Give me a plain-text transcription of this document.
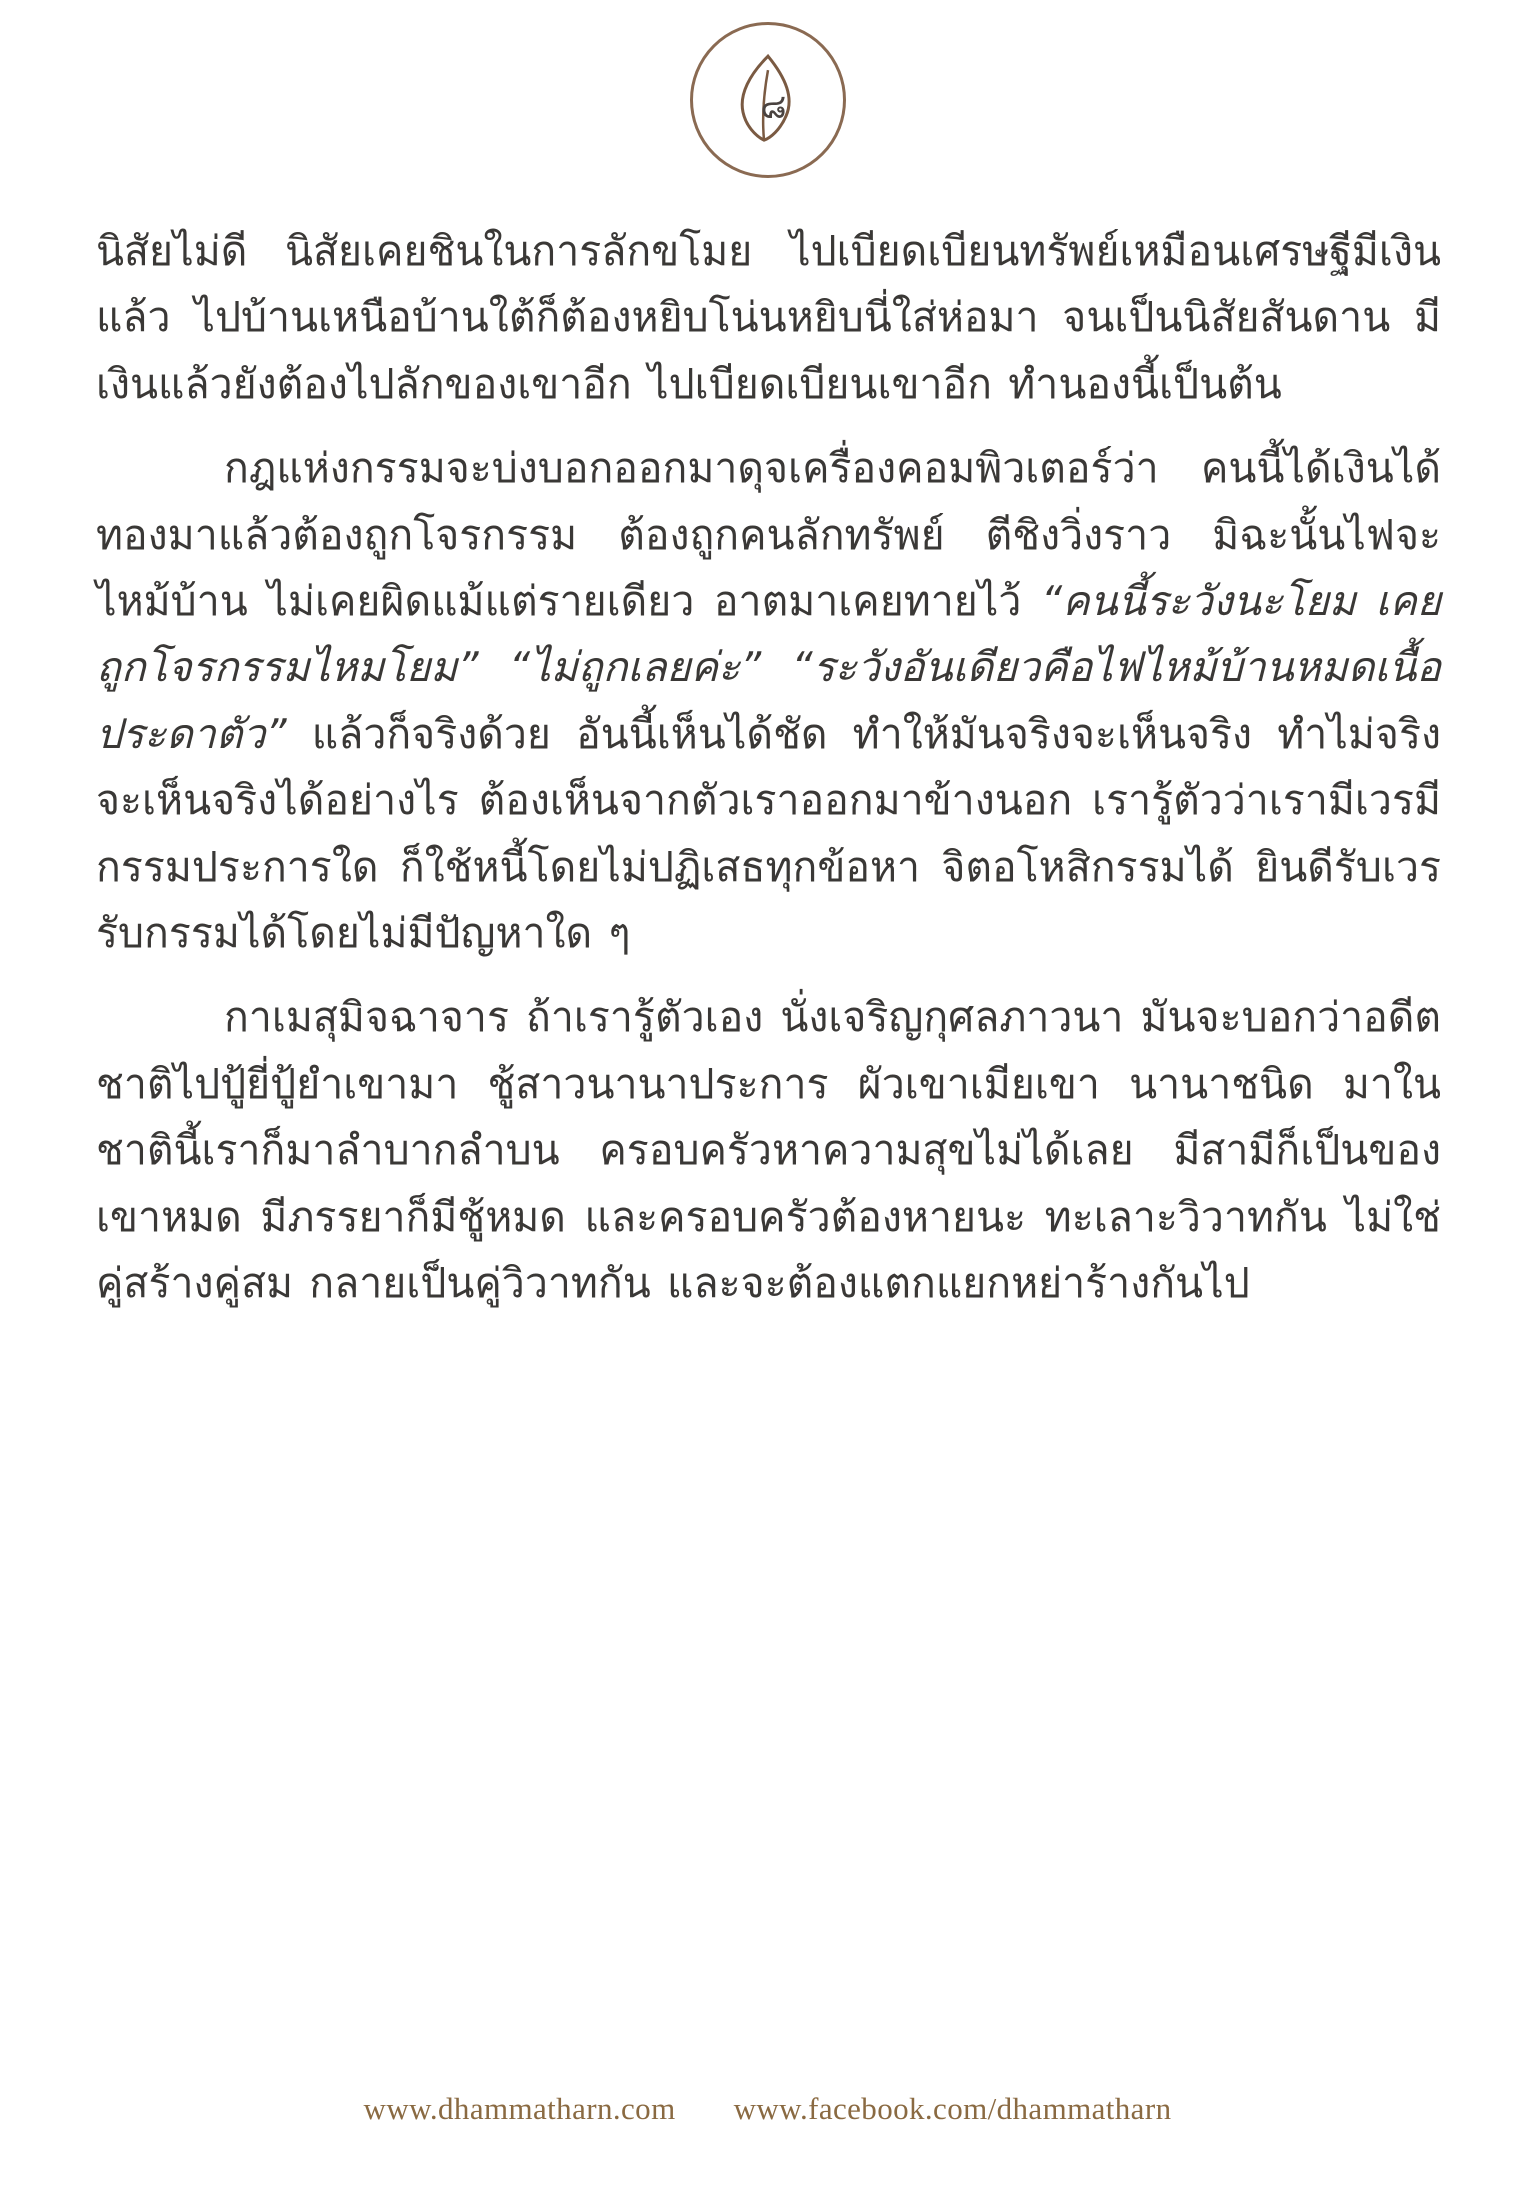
๘

นิสัยไม่ดี นิสัยเคยชินในการลักขโมย ไปเบียดเบียนทรัพย์เหมือนเศรษฐีมีเงินแล้ว ไปบ้านเหนือบ้านใต้ก็ต้องหยิบโน่นหยิบนี่ใส่ห่อมา จนเป็นนิสัยสันดาน มีเงินแล้วยังต้องไปลักของเขาอีก ไปเบียดเบียนเขาอีก ทำนองนี้เป็นต้น

กฎแห่งกรรมจะบ่งบอกออกมาดุจเครื่องคอมพิวเตอร์ว่า คนนี้ได้เงินได้ทองมาแล้วต้องถูกโจรกรรม ต้องถูกคนลักทรัพย์ ตีชิงวิ่งราว มิฉะนั้นไฟจะไหม้บ้าน ไม่เคยผิดแม้แต่รายเดียว อาตมาเคยทายไว้ “คนนี้ระวังนะโยม เคยถูกโจรกรรมไหมโยม” “ไม่ถูกเลยค่ะ” “ระวังอันเดียวคือไฟไหม้บ้านหมดเนื้อประดาตัว” แล้วก็จริงด้วย อันนี้เห็นได้ชัด ทำให้มันจริงจะเห็นจริง ทำไม่จริงจะเห็นจริงได้อย่างไร ต้องเห็นจากตัวเราออกมาข้างนอก เรารู้ตัวว่าเรามีเวรมีกรรมประการใด ก็ใช้หนี้โดยไม่ปฏิเสธทุกข้อหา จิตอโหสิกรรมได้ ยินดีรับเวรรับกรรมได้โดยไม่มีปัญหาใด ๆ

กาเมสุมิจฉาจาร ถ้าเรารู้ตัวเอง นั่งเจริญกุศลภาวนา มันจะบอกว่าอดีตชาติไปปู้ยี่ปู้ยำเขามา ชู้สาวนานาประการ ผัวเขาเมียเขา นานาชนิด มาในชาตินี้เราก็มาลำบากลำบน ครอบครัวหาความสุขไม่ได้เลย มีสามีก็เป็นของเขาหมด มีภรรยาก็มีชู้หมด และครอบครัวต้องหายนะ ทะเลาะวิวาทกัน ไม่ใช่คู่สร้างคู่สม กลายเป็นคู่วิวาทกัน และจะต้องแตกแยกหย่าร้างกันไป

www.dhammatharn.com www.facebook.com/dhammatharn
